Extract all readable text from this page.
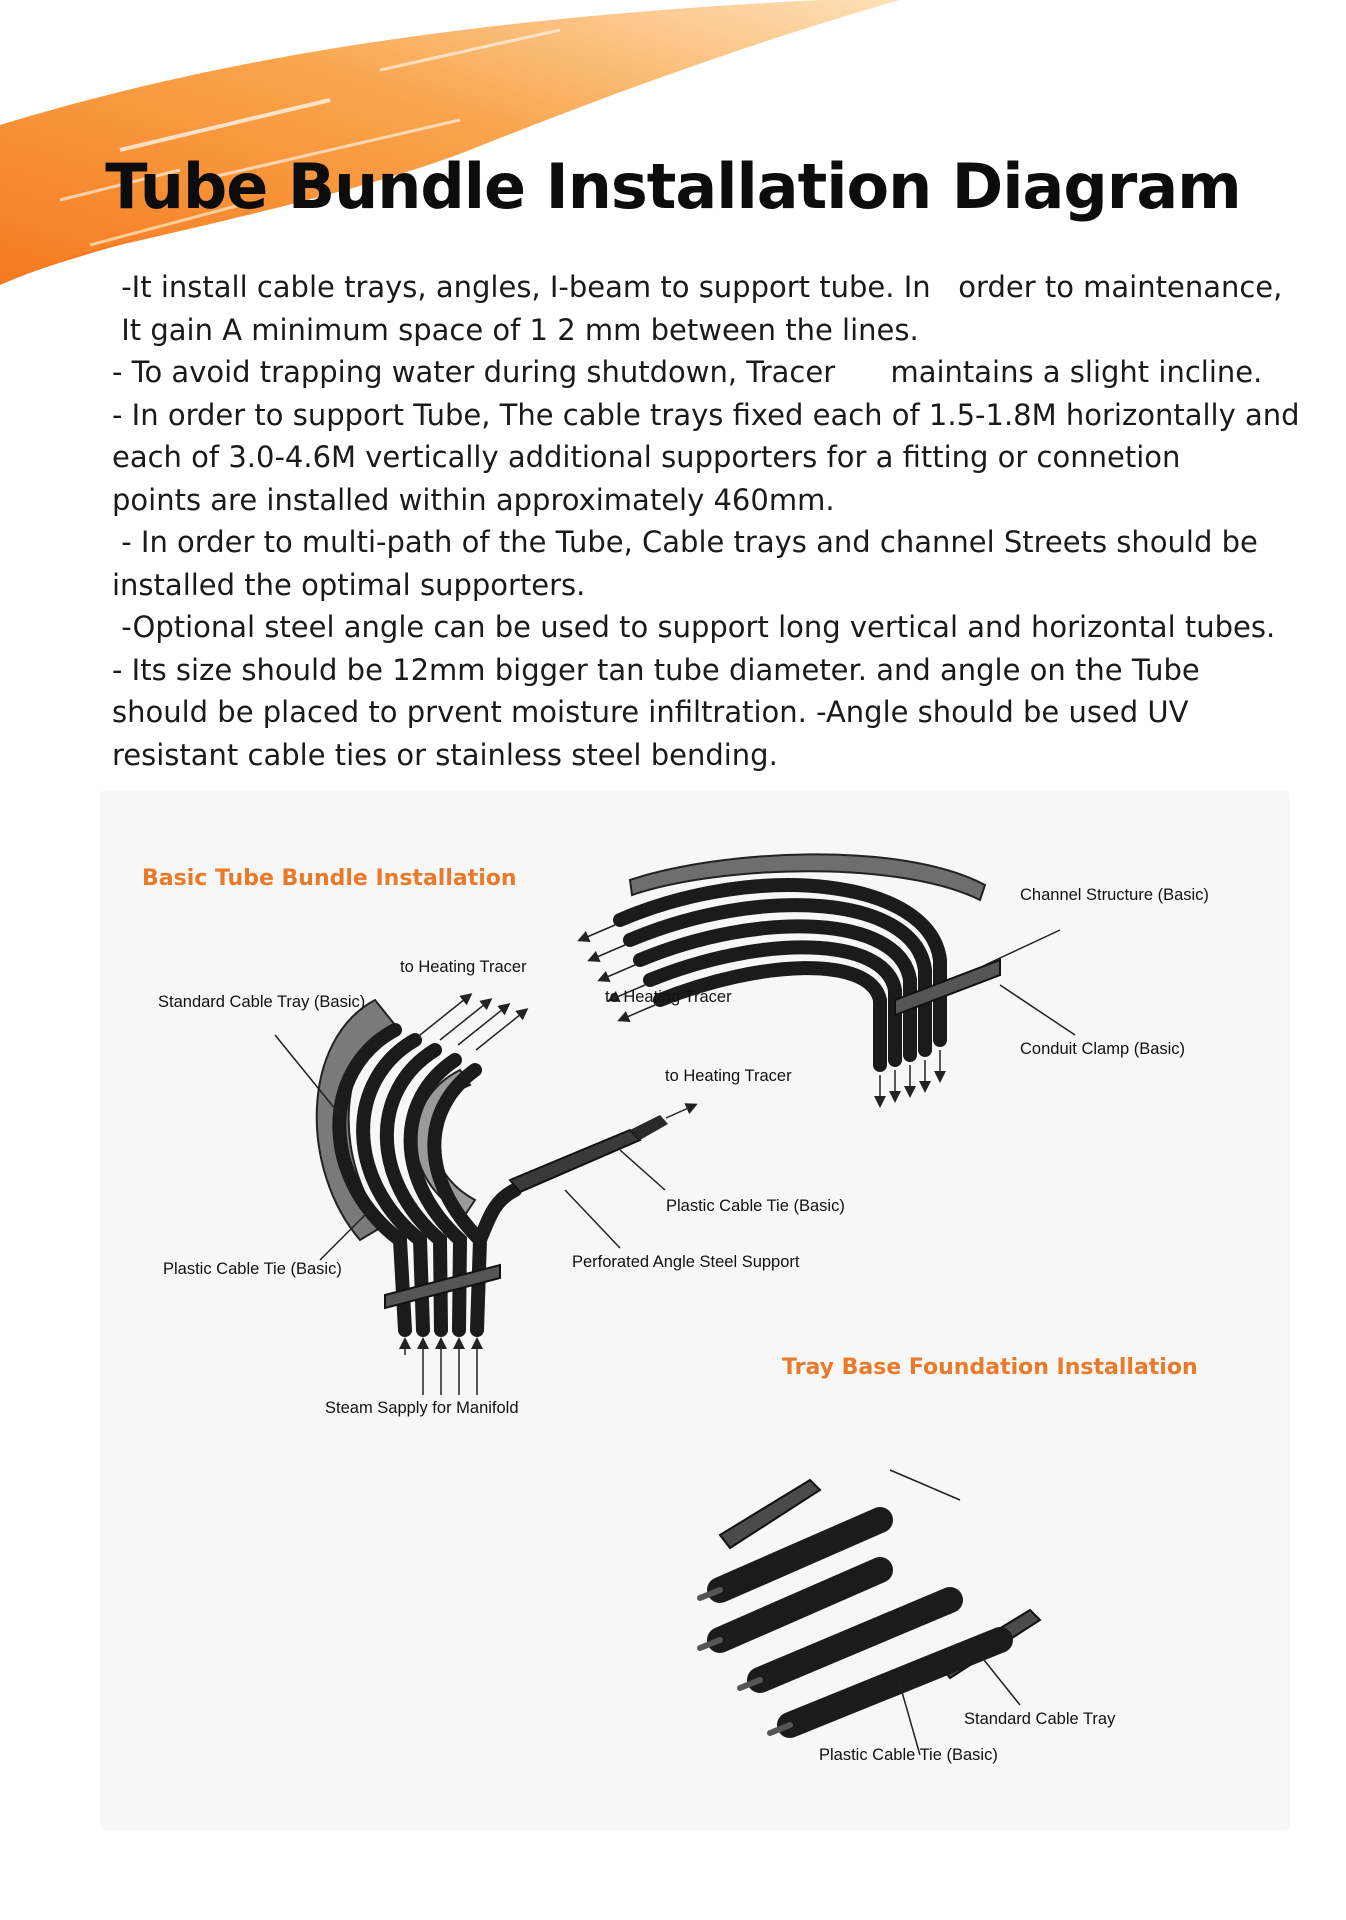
Tube Bundle Installation Diagram
-It install cable trays, angles, I-beam to support tube. In   order to maintenance,
It gain A minimum space of 1 2 mm between the lines.
- To avoid trapping water during shutdown, Tracer      maintains a slight incline.
- In order to support Tube, The cable trays fixed each of 1.5-1.8M horizontally and
each of 3.0-4.6M vertically additional supporters for a fitting or connetion
points are installed within approximately 460mm.
- In order to multi-path of the Tube, Cable trays and channel Streets should be
installed the optimal supporters.
-Optional steel angle can be used to support long vertical and horizontal tubes.
- Its size should be 12mm bigger tan tube diameter. and angle on the Tube
should be placed to prvent moisture infiltration. -Angle should be used UV
resistant cable ties or stainless steel bending.
Basic Tube Bundle Installation
Tray Base Foundation Installation
to Heating Tracer
Standard Cable Tray (Basic)	to Heating Tracer
Channel Structure (Basic)
Conduit Clamp (Basic)
to Heating Tracer
Plastic Cable Tie (Basic)
Plastic Cable Tie (Basic)	Perforated Angle Steel Support
Steam Sapply for Manifold
Standard Cable Tray
Plastic Cable Tie (Basic)
